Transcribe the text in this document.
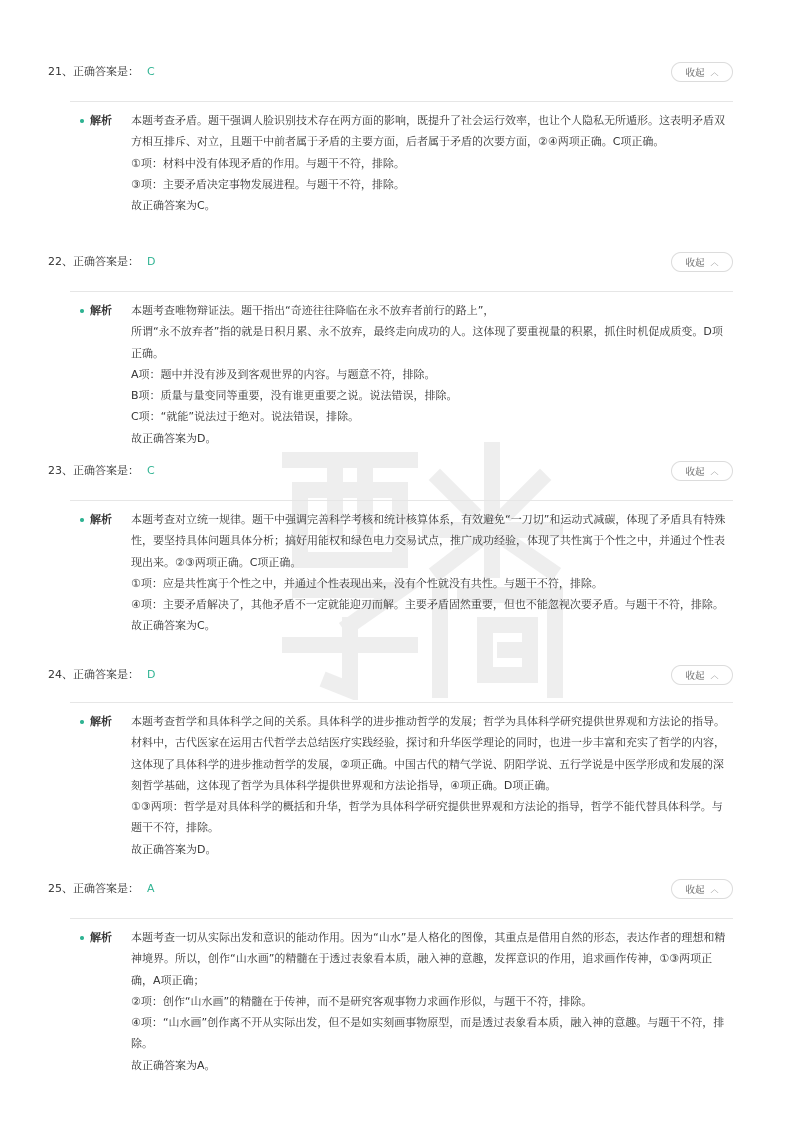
21、正确答案是： C	收起 ︿
解析 本题考查矛盾。题干强调人脸识别技术存在两方面的影响，既提升了社会运行效率，也让个人隐私无所遁形。这表明矛盾双方相互排斥、对立，且题干中前者属于矛盾的主要方面，后者属于矛盾的次要方面，②④两项正确。C项正确。

①项：材料中没有体现矛盾的作用。与题干不符，排除。

③项：主要矛盾决定事物发展进程。与题干不符，排除。

故正确答案为C。

22、正确答案是： D	收起 ︿
解析 本题考查唯物辩证法。题干指出“奇迹往往降临在永不放弃者前行的路上”，

所谓“永不放弃者”指的就是日积月累、永不放弃，最终走向成功的人。这体现了要重视量的积累，抓住时机促成质变。D项正确。

A项：题中并没有涉及到客观世界的内容。与题意不符，排除。

B项：质量与量变同等重要，没有谁更重要之说。说法错误，排除。

C项：“就能”说法过于绝对。说法错误，排除。

故正确答案为D。

23、正确答案是： C	收起 ︿
解析 本题考查对立统一规律。题干中强调完善科学考核和统计核算体系，有效避免“一刀切”和运动式减碳，体现了矛盾具有特殊性，要坚持具体问题具体分析；搞好用能权和绿色电力交易试点，推广成功经验，体现了共性寓于个性之中，并通过个性表现出来。②③两项正确。C项正确。

①项：应是共性寓于个性之中，并通过个性表现出来，没有个性就没有共性。与题干不符，排除。

④项：主要矛盾解决了，其他矛盾不一定就能迎刃而解。主要矛盾固然重要，但也不能忽视次要矛盾。与题干不符，排除。

故正确答案为C。

24、正确答案是： D	收起 ︿
解析 本题考查哲学和具体科学之间的关系。具体科学的进步推动哲学的发展；哲学为具体科学研究提供世界观和方法论的指导。材料中，古代医家在运用古代哲学去总结医疗实践经验，探讨和升华医学理论的同时，也进一步丰富和充实了哲学的内容，这体现了具体科学的进步推动哲学的发展，②项正确。中国古代的精气学说、阴阳学说、五行学说是中医学形成和发展的深刻哲学基础，这体现了哲学为具体科学提供世界观和方法论指导，④项正确。D项正确。

①③两项：哲学是对具体科学的概括和升华，哲学为具体科学研究提供世界观和方法论的指导，哲学不能代替具体科学。与题干不符，排除。

故正确答案为D。

25、正确答案是： A	收起 ︿
解析 本题考查一切从实际出发和意识的能动作用。因为“山水”是人格化的图像，其重点是借用自然的形态，表达作者的理想和精神境界。所以，创作“山水画”的精髓在于透过表象看本质，融入神的意趣，发挥意识的作用，追求画作传神，①③两项正确，A项正确；

②项：创作“山水画”的精髓在于传神，而不是研究客观事物力求画作形似，与题干不符，排除。

④项：“山水画”创作离不开从实际出发，但不是如实刻画事物原型，而是透过表象看本质，融入神的意趣。与题干不符，排除。

故正确答案为A。
